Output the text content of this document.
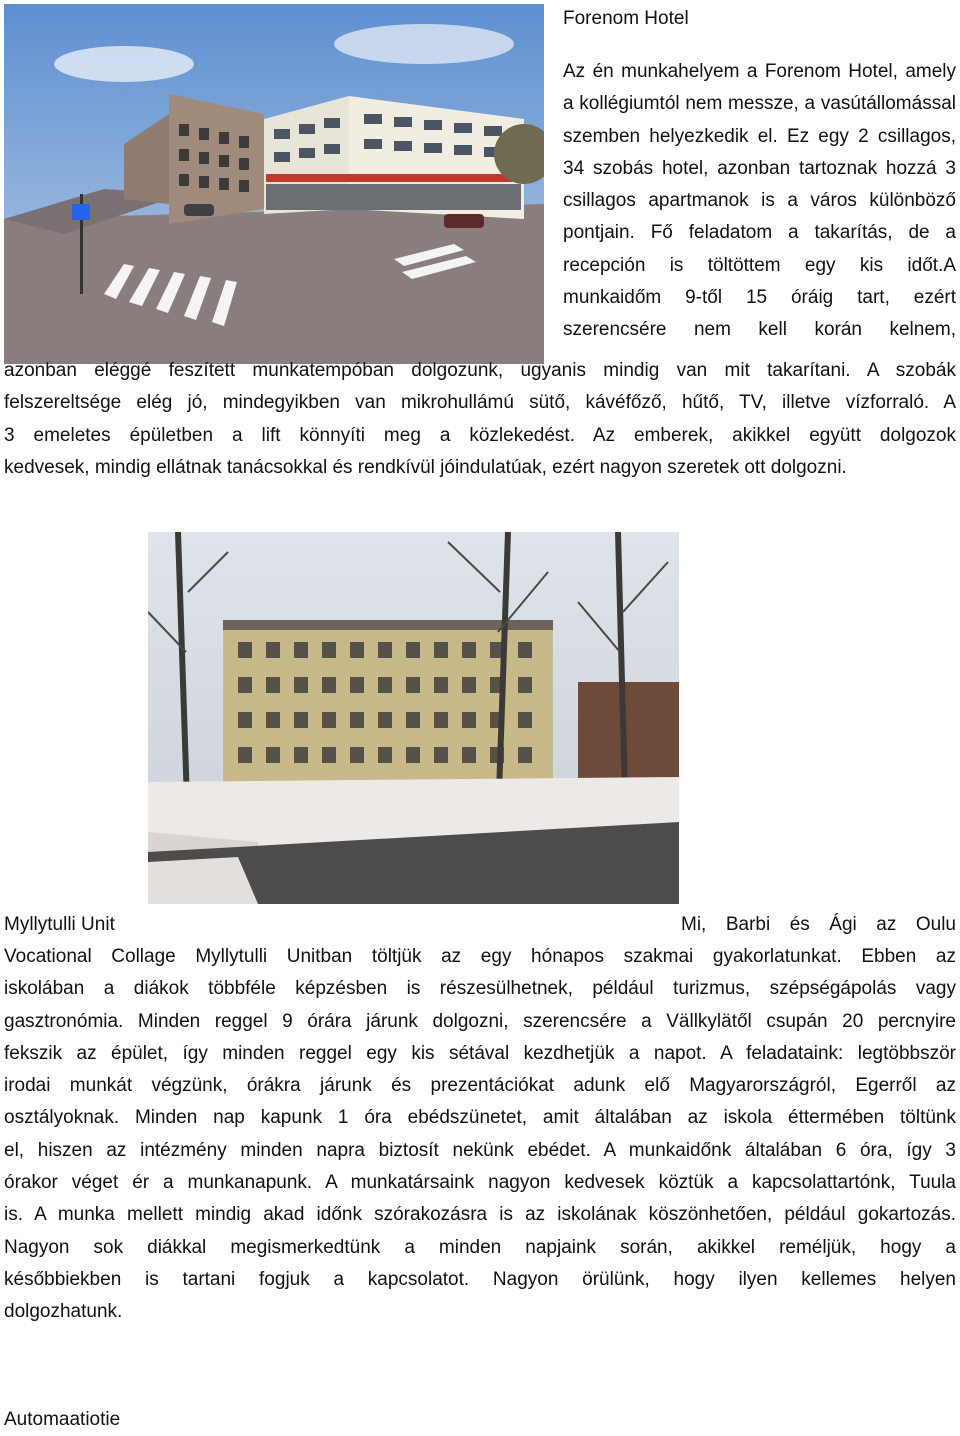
Forenom Hotel

Az én munkahelyem a Forenom Hotel, amely a kollégiumtól nem messze, a vasútállomással szemben helyezkedik el. Ez egy 2 csillagos, 34 szobás hotel, azonban tartoznak hozzá 3 csillagos apartmanok is a város különböző pontjain. Fő feladatom a takarítás, de a recepción is töltöttem egy kis időt.A munkaidőm 9-től 15 óráig tart, ezért szerencsére nem kell korán kelnem,

azonban eléggé feszített munkatempóban dolgozunk, ugyanis mindig van mit takarítani. A szobák
felszereltsége elég jó, mindegyikben van mikrohullámú sütő, kávéfőző, hűtő, TV, illetve vízforraló. A
3 emeletes épületben a lift könnyíti meg a közlekedést. Az emberek, akikkel együtt dolgozok
kedvesek, mindig ellátnak tanácsokkal és rendkívül jóindulatúak, ezért nagyon szeretek ott dolgozni.

Myllytulli Unit	Mi, Barbi és Ági az Oulu

Vocational Collage Myllytulli Unitban töltjük az egy hónapos szakmai gyakorlatunkat. Ebben az
iskolában a diákok többféle képzésben is részesülhetnek, például turizmus, szépségápolás vagy
gasztronómia. Minden reggel 9 órára járunk dolgozni, szerencsére a Vällkylätől csupán 20 percnyire
fekszik az épület, így minden reggel egy kis sétával kezdhetjük a napot. A feladataink: legtöbbször
irodai munkát végzünk, órákra járunk és prezentációkat adunk elő Magyarországról, Egerről az
osztályoknak. Minden nap kapunk 1 óra ebédszünetet, amit általában az iskola éttermében töltünk
el, hiszen az intézmény minden napra biztosít nekünk ebédet. A munkaidőnk általában 6 óra, így 3
órakor véget ér a munkanapunk. A munkatársaink nagyon kedvesek köztük a kapcsolattartónk, Tuula
is. A munka mellett mindig akad időnk szórakozásra is az iskolának köszönhetően, például gokartozás.
Nagyon sok diákkal megismerkedtünk a minden napjaink során, akikkel reméljük, hogy a
későbbiekben is tartani fogjuk a kapcsolatot. Nagyon örülünk, hogy ilyen kellemes helyen
dolgozhatunk.

Automaatiotie
